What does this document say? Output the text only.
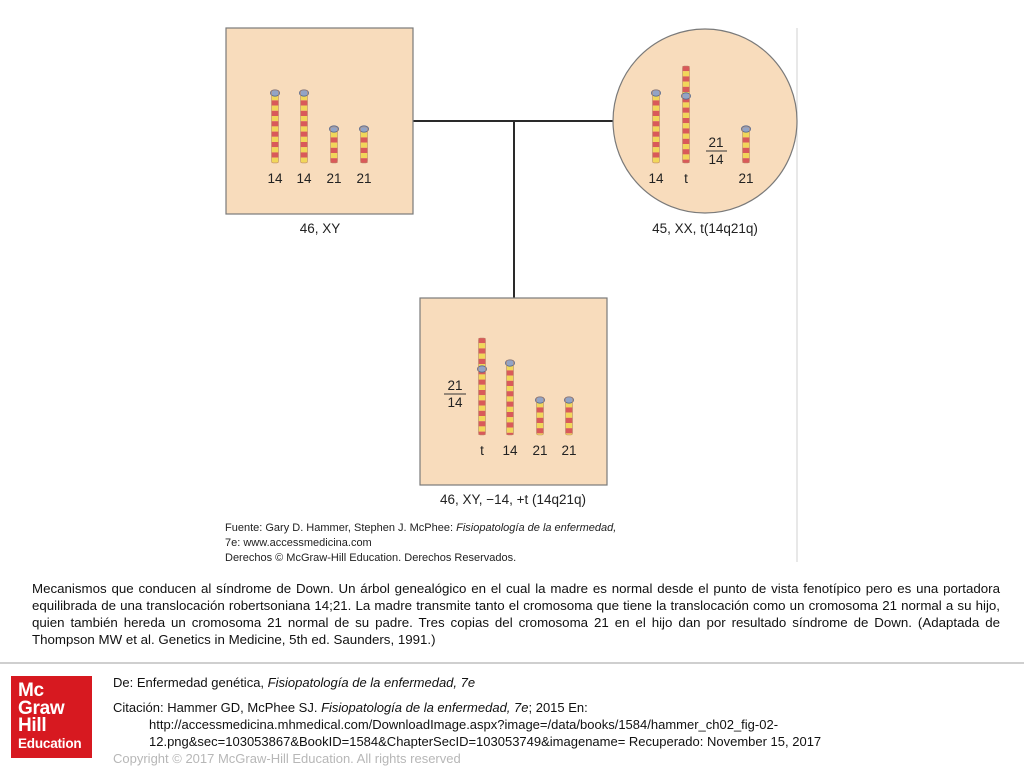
14 14 21 21	14 t	21
t 14 21 21
21
14
21
14
46, XY	45, XX, t(14q21q)
46, XY, −14, +t (14q21q)
Fuente: Gary D. Hammer, Stephen J. McPhee: Fisiopatología de la enfermedad,
7e: www.accessmedicina.com
Derechos © McGraw-Hill Education. Derechos Reservados.
Mecanismos que conducen al síndrome de Down. Un árbol genealógico en el cual la madre es normal desde el punto de vista fenotípico pero es una portadora equilibrada de una translocación robertsoniana 14;21. La madre transmite tanto el cromosoma que tiene la translocación como un cromosoma 21 normal a su hijo, quien también hereda un cromosoma 21 normal de su padre. Tres copias del cromosoma 21 en el hijo dan por resultado síndrome de Down. (Adaptada de Thompson MW et al. Genetics in Medicine, 5th ed. Saunders, 1991.)
Mc
Graw
Hill
Education
De: Enfermedad genética, Fisiopatología de la enfermedad, 7e
Citación: Hammer GD, McPhee SJ. Fisiopatología de la enfermedad, 7e; 2015 En:
http://accessmedicina.mhmedical.com/DownloadImage.aspx?image=/data/books/1584/hammer_ch02_fig-02-
12.png&sec=103053867&BookID=1584&ChapterSecID=103053749&imagename= Recuperado: November 15, 2017
Copyright © 2017 McGraw-Hill Education. All rights reserved
